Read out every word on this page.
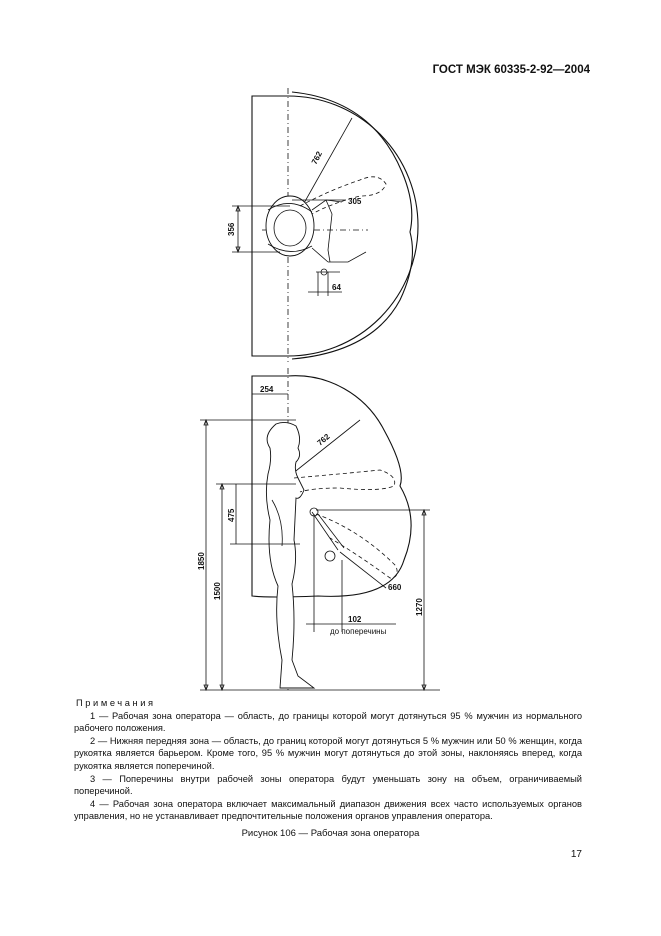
ГОСТ МЭК 60335-2-92—2004
762
356
305
64
254
762
1850
1500
475
660
1270
102
до поперечины
Примечания

1 — Рабочая зона оператора — область, до границы которой могут дотянуться 95 % мужчин из нормального рабочего положения.

2 — Нижняя передняя зона — область, до границ которой могут дотянуться 5 % мужчин или 50 % женщин, когда рукоятка является барьером. Кроме того, 95 % мужчин могут дотянуться до этой зоны, наклоняясь вперед, когда рукоятка является поперечиной.

3 — Поперечины внутри рабочей зоны оператора будут уменьшать зону на объем, ограничиваемый поперечиной.

4 — Рабочая зона оператора включает максимальный диапазон движения всех часто используемых органов управления, но не устанавливает предпочтительные положения органов управления оператора.

Рисунок 106 — Рабочая зона оператора
17
